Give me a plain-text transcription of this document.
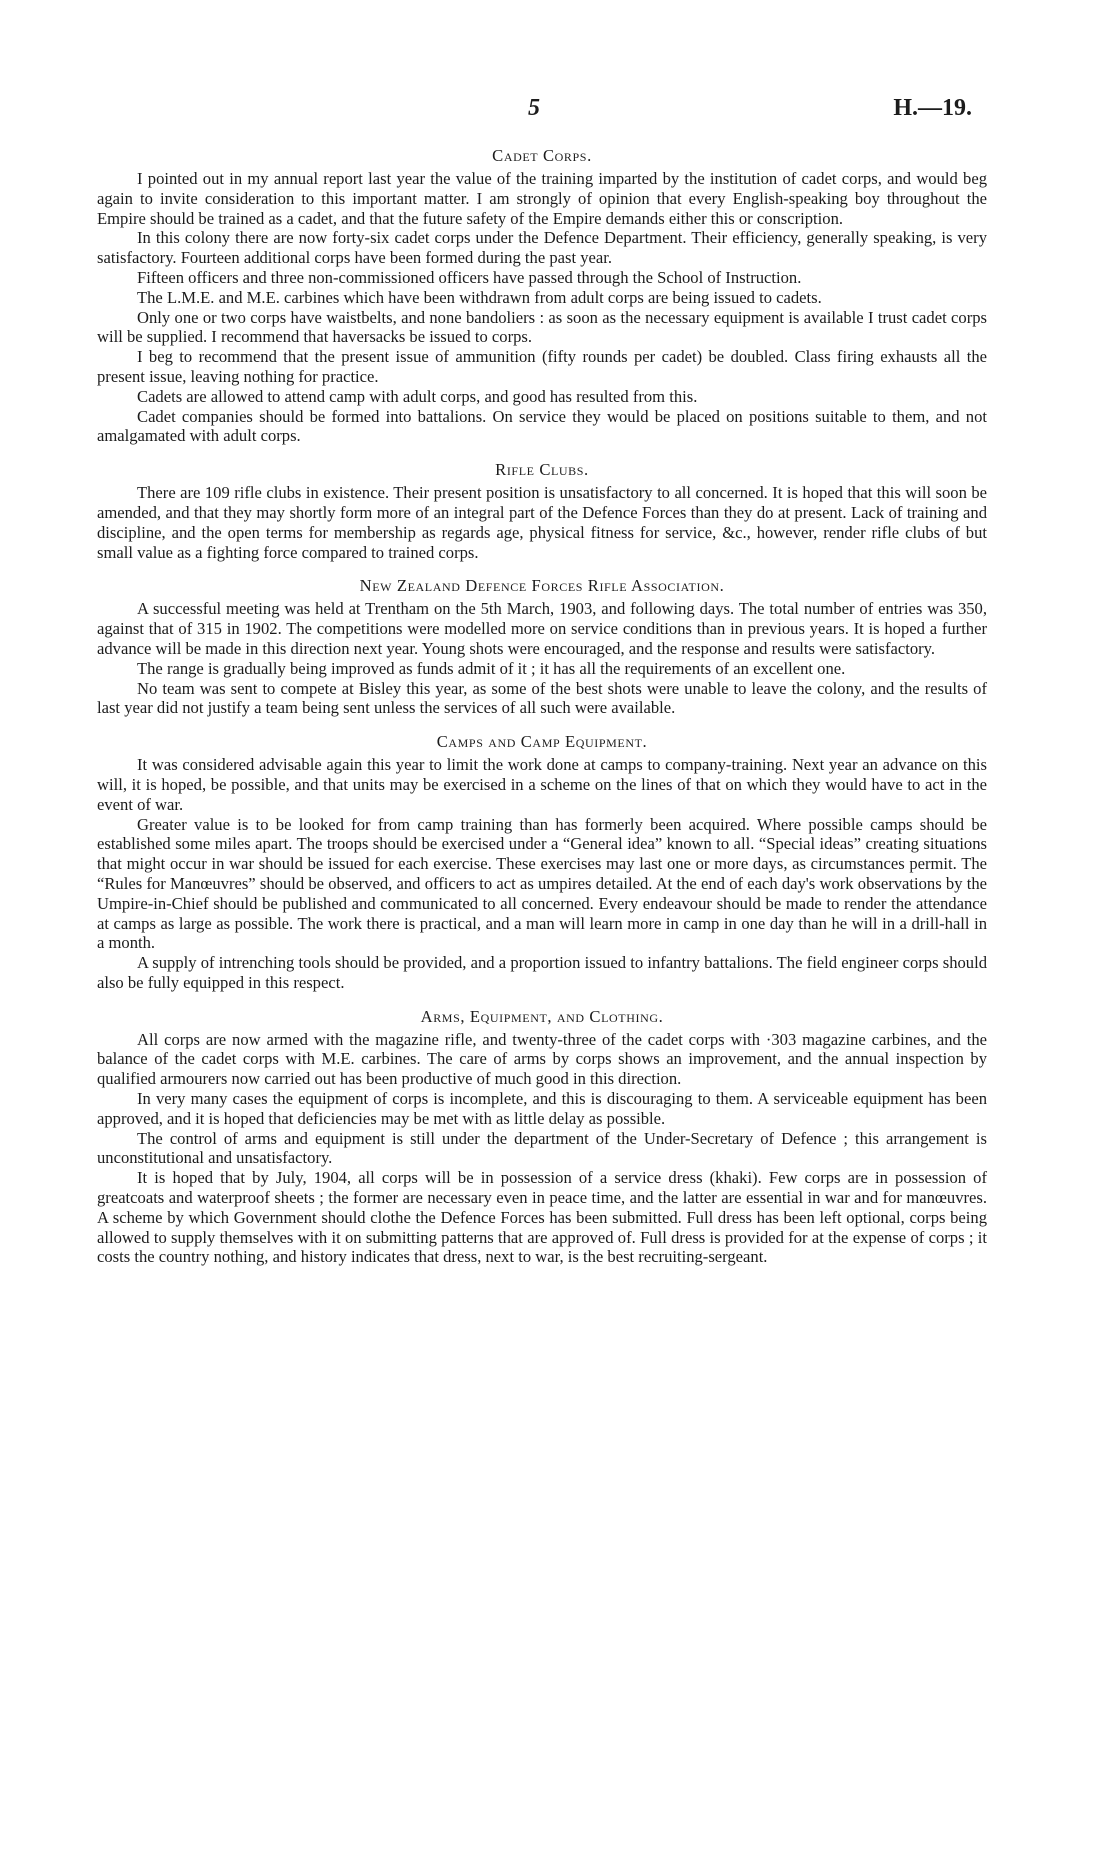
5	H.—19.
Cadet Corps.

I pointed out in my annual report last year the value of the training imparted by the institution of cadet corps, and would beg again to invite consideration to this important matter. I am strongly of opinion that every English-speaking boy throughout the Empire should be trained as a cadet, and that the future safety of the Empire demands either this or conscription.

In this colony there are now forty-six cadet corps under the Defence Department. Their efficiency, generally speaking, is very satisfactory. Fourteen additional corps have been formed during the past year.

Fifteen officers and three non-commissioned officers have passed through the School of Instruction.

The L.M.E. and M.E. carbines which have been withdrawn from adult corps are being issued to cadets.

Only one or two corps have waistbelts, and none bandoliers : as soon as the necessary equipment is available I trust cadet corps will be supplied. I recommend that haversacks be issued to corps.

I beg to recommend that the present issue of ammunition (fifty rounds per cadet) be doubled. Class firing exhausts all the present issue, leaving nothing for practice.

Cadets are allowed to attend camp with adult corps, and good has resulted from this.

Cadet companies should be formed into battalions. On service they would be placed on positions suitable to them, and not amalgamated with adult corps.

Rifle Clubs.

There are 109 rifle clubs in existence. Their present position is unsatisfactory to all concerned. It is hoped that this will soon be amended, and that they may shortly form more of an integral part of the Defence Forces than they do at present. Lack of training and discipline, and the open terms for membership as regards age, physical fitness for service, &c., however, render rifle clubs of but small value as a fighting force compared to trained corps.

New Zealand Defence Forces Rifle Association.

A successful meeting was held at Trentham on the 5th March, 1903, and following days. The total number of entries was 350, against that of 315 in 1902. The competitions were modelled more on service conditions than in previous years. It is hoped a further advance will be made in this direction next year. Young shots were encouraged, and the response and results were satisfactory.

The range is gradually being improved as funds admit of it ; it has all the requirements of an excellent one.

No team was sent to compete at Bisley this year, as some of the best shots were unable to leave the colony, and the results of last year did not justify a team being sent unless the services of all such were available.

Camps and Camp Equipment.

It was considered advisable again this year to limit the work done at camps to company-training. Next year an advance on this will, it is hoped, be possible, and that units may be exercised in a scheme on the lines of that on which they would have to act in the event of war.

Greater value is to be looked for from camp training than has formerly been acquired. Where possible camps should be established some miles apart. The troops should be exercised under a “General idea” known to all. “Special ideas” creating situations that might occur in war should be issued for each exercise. These exercises may last one or more days, as circumstances permit. The “Rules for Manœuvres” should be observed, and officers to act as umpires detailed. At the end of each day's work observations by the Umpire-in-Chief should be published and communicated to all concerned. Every endeavour should be made to render the attendance at camps as large as possible. The work there is practical, and a man will learn more in camp in one day than he will in a drill-hall in a month.

A supply of intrenching tools should be provided, and a proportion issued to infantry battalions. The field engineer corps should also be fully equipped in this respect.

Arms, Equipment, and Clothing.

All corps are now armed with the magazine rifle, and twenty-three of the cadet corps with ·303 magazine carbines, and the balance of the cadet corps with M.E. carbines. The care of arms by corps shows an improvement, and the annual inspection by qualified armourers now carried out has been productive of much good in this direction.

In very many cases the equipment of corps is incomplete, and this is discouraging to them. A serviceable equipment has been approved, and it is hoped that deficiencies may be met with as little delay as possible.

The control of arms and equipment is still under the department of the Under-Secretary of Defence ; this arrangement is unconstitutional and unsatisfactory.

It is hoped that by July, 1904, all corps will be in possession of a service dress (khaki). Few corps are in possession of greatcoats and waterproof sheets ; the former are necessary even in peace time, and the latter are essential in war and for manœuvres. A scheme by which Government should clothe the Defence Forces has been submitted. Full dress has been left optional, corps being allowed to supply themselves with it on submitting patterns that are approved of. Full dress is provided for at the expense of corps ; it costs the country nothing, and history indicates that dress, next to war, is the best recruiting-sergeant.
